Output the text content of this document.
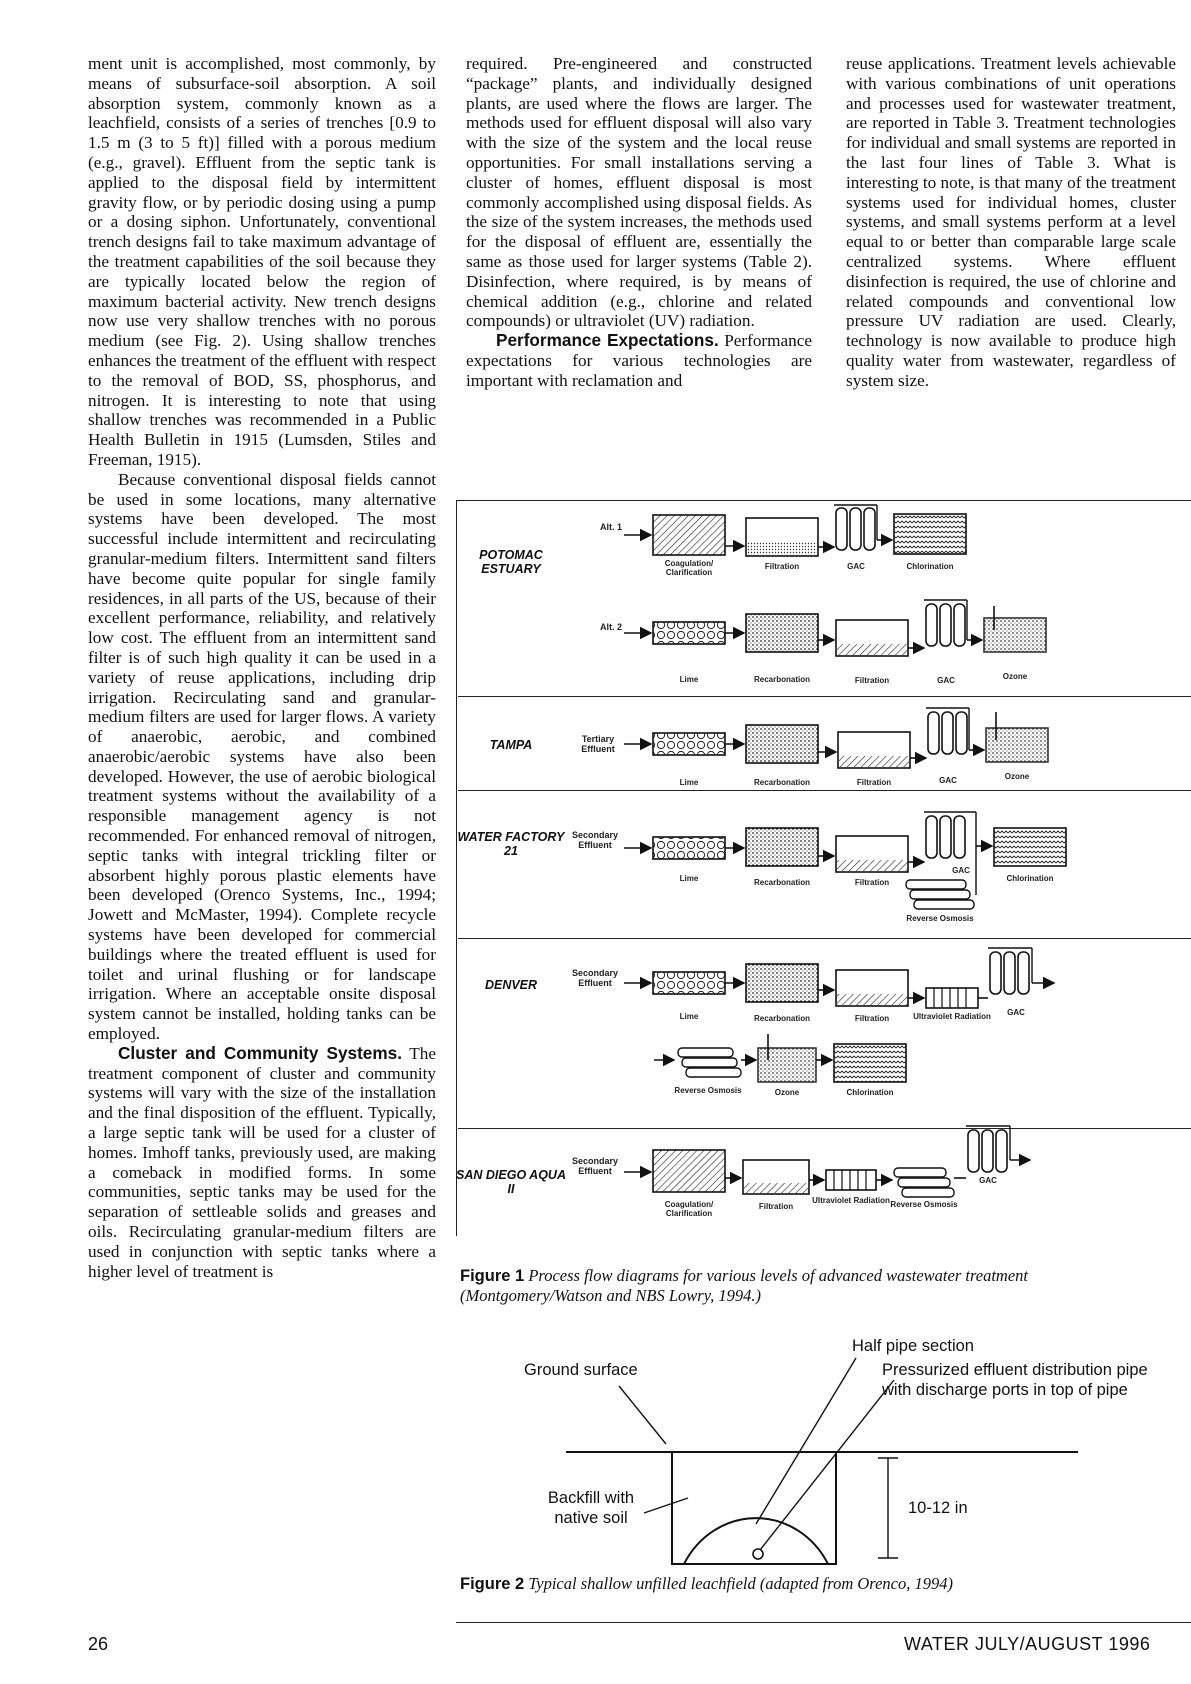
ment unit is accomplished, most commonly, by means of subsurface-soil absorption. A soil absorption system, commonly known as a leachfield, consists of a series of trenches [0.9 to 1.5 m (3 to 5 ft)] filled with a porous medium (e.g., gravel). Effluent from the septic tank is applied to the disposal field by intermittent gravity flow, or by periodic dosing using a pump or a dosing siphon. Unfortunately, conventional trench designs fail to take maximum advantage of the treatment capabilities of the soil because they are typically located below the region of maximum bacterial activity. New trench designs now use very shallow trenches with no porous medium (see Fig. 2). Using shallow trenches enhances the treatment of the effluent with respect to the removal of BOD, SS, phosphorus, and nitrogen. It is interesting to note that using shallow trenches was recommended in a Public Health Bulletin in 1915 (Lumsden, Stiles and Freeman, 1915).

Because conventional disposal fields cannot be used in some locations, many alternative systems have been developed. The most successful include intermittent and recirculating granular-medium filters. Intermittent sand filters have become quite popular for single family residences, in all parts of the US, because of their excellent performance, reliability, and relatively low cost. The effluent from an intermittent sand filter is of such high quality it can be used in a variety of reuse applications, including drip irrigation. Recirculating sand and granular-medium filters are used for larger flows. A variety of anaerobic, aerobic, and combined anaerobic/aerobic systems have also been developed. However, the use of aerobic biological treatment systems without the availability of a responsible management agency is not recommended. For enhanced removal of nitrogen, septic tanks with integral trickling filter or absorbent highly porous plastic elements have been developed (Orenco Systems, Inc., 1994; Jowett and McMaster, 1994). Complete recycle systems have been developed for commercial buildings where the treated effluent is used for toilet and urinal flushing or for landscape irrigation. Where an acceptable onsite disposal system cannot be installed, holding tanks can be employed.

Cluster and Community Systems. The treatment component of cluster and community systems will vary with the size of the installation and the final disposition of the effluent. Typically, a large septic tank will be used for a cluster of homes. Imhoff tanks, previously used, are making a comeback in modified forms. In some communities, septic tanks may be used for the separation of settleable solids and greases and oils. Recirculating granular-medium filters are used in conjunction with septic tanks where a higher level of treatment is

required. Pre-engineered and constructed “package” plants, and individually designed plants, are used where the flows are larger. The methods used for effluent disposal will also vary with the size of the system and the local reuse opportunities. For small installations serving a cluster of homes, effluent disposal is most commonly accomplished using disposal fields. As the size of the system increases, the methods used for the disposal of effluent are, essentially the same as those used for larger systems (Table 2). Disinfection, where required, is by means of chemical addition (e.g., chlorine and related compounds) or ultraviolet (UV) radiation.

Performance Expectations. Performance expectations for various technologies are important with reclamation and

reuse applications. Treatment levels achievable with various combinations of unit operations and processes used for wastewater treatment, are reported in Table 3. Treatment technologies for individual and small systems are reported in the last four lines of Table 3. What is interesting to note, is that many of the treatment systems used for individual homes, cluster systems, and small systems perform at a level equal to or better than comparable large scale centralized systems. Where effluent disinfection is required, the use of chlorine and related compounds and conventional low pressure UV radiation are used. Clearly, technology is now available to produce high quality water from wastewater, regardless of system size.

POTOMAC ESTUARY
TAMPA
WATER FACTORY 21
DENVER
SAN DIEGO AQUA II
Alt. 1
Alt. 2
Tertiary Effluent
Secondary Effluent
Secondary Effluent
Secondary Effluent
Coagulation/ Clarification
Filtration	GAC	Chlorination
Lime	Recarbonation	Filtration	GAC	Ozone
Lime	Recarbonation	Filtration	GAC	Ozone
Lime	Recarbonation	Filtration
GAC
Chlorination
Reverse Osmosis
Lime	Recarbonation	Filtration	Ultraviolet Radiation	GAC
Reverse Osmosis	Ozone	Chlorination
Coagulation/ Clarification
Filtration
Ultraviolet Radiation Reverse Osmosis
GAC
Figure 1 Process flow diagrams for various levels of advanced wastewater treatment (Montgomery/Watson and NBS Lowry, 1994.)
Half pipe section
Ground surface	Pressurized effluent distribution pipe with discharge ports in top of pipe
Backfill with native soil
10-12 in
Figure 2 Typical shallow unfilled leachfield (adapted from Orenco, 1994)
26	WATER JULY/AUGUST 1996
